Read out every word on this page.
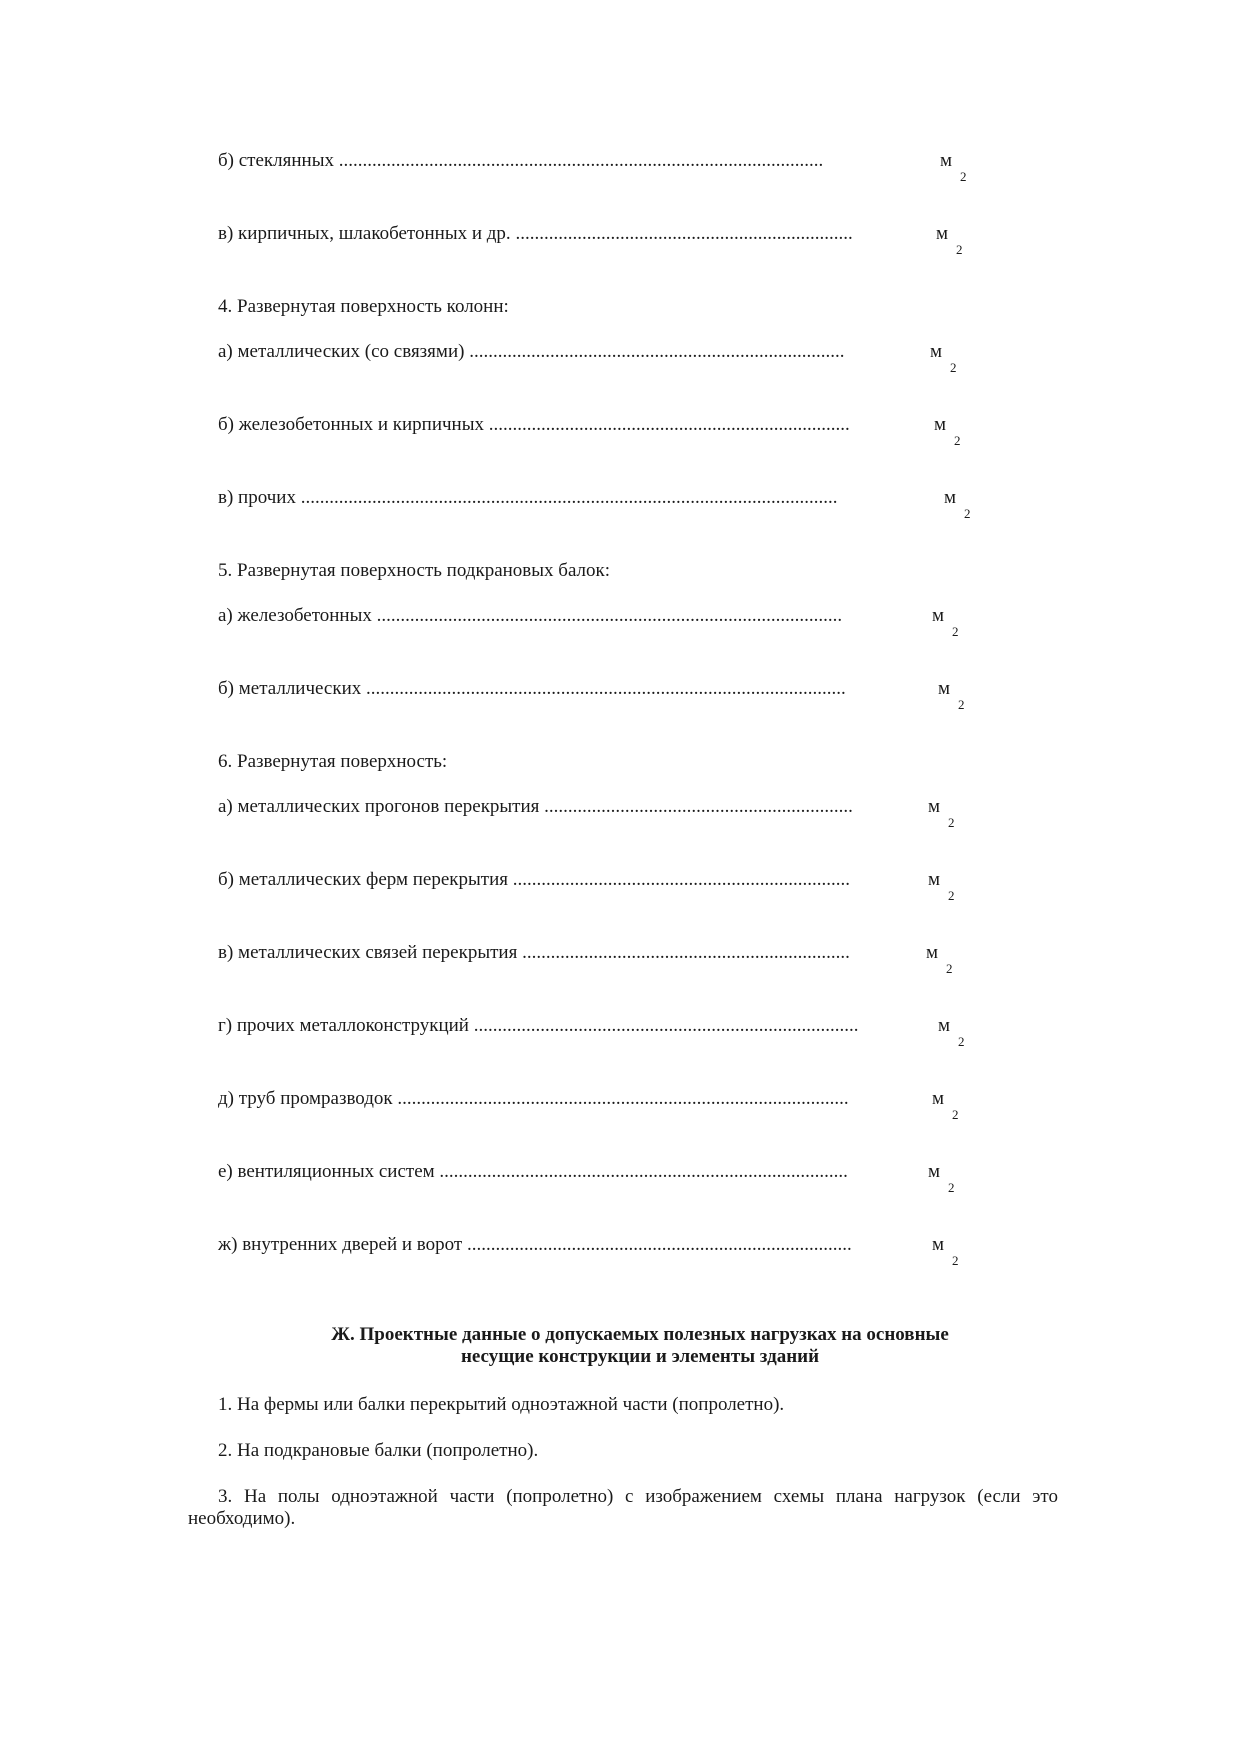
б) стеклянных ......................................................................................................	м
2
в) кирпичных, шлакобетонных и др. .......................................................................	м
2
4. Развернутая поверхность колонн:
а) металлических (со связями) ...............................................................................	м
2
б) железобетонных и кирпичных ............................................................................	м
2
в) прочих .................................................................................................................	м
2
5. Развернутая поверхность подкрановых балок:
а) железобетонных ..................................................................................................	м
2
б) металлических .....................................................................................................	м
2
6. Развернутая поверхность:
а) металлических прогонов перекрытия .................................................................	м
2
б) металлических ферм перекрытия .......................................................................	м
2
в) металлических связей перекрытия .....................................................................	м
2
г) прочих металлоконструкций .................................................................................	м
2
д) труб промразводок ...............................................................................................	м
2
е) вентиляционных систем ......................................................................................	м
2
ж) внутренних дверей и ворот .................................................................................	м
2
Ж. Проектные данные о допускаемых полезных нагрузках на основные
несущие конструкции и элементы зданий
1. На фермы или балки перекрытий одноэтажной части (попролетно).
2. На подкрановые балки (попролетно).
3. На полы одноэтажной части (попролетно) с изображением схемы плана нагрузок (если это необходимо).
